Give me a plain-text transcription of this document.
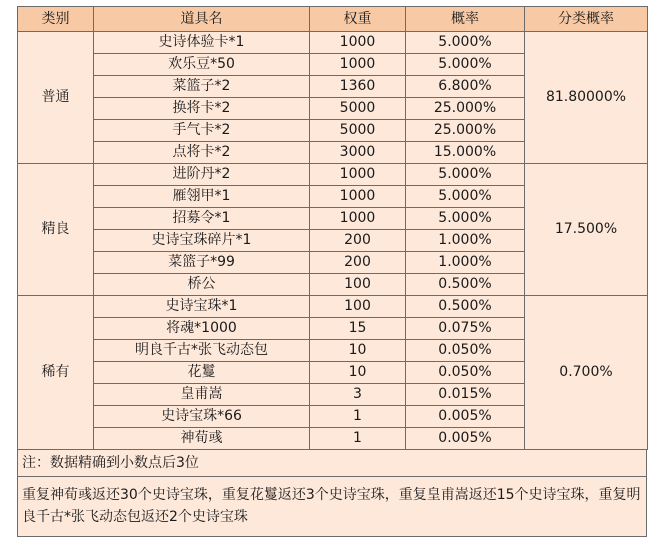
类别	道具名	权重	概率	分类概率
普通	史诗体验卡*1	1000	5.000%	81.80000%
	欢乐豆*50	1000	5.000%	
	菜篮子*2	1360	6.800%	
	换将卡*2	5000	25.000%	
	手气卡*2	5000	25.000%	
	点将卡*2	3000	15.000%	
精良	进阶丹*2	1000	5.000%	17.500%
	雁翎甲*1	1000	5.000%	
	招募令*1	1000	5.000%	
	史诗宝珠碎片*1	200	1.000%	
	菜篮子*99	200	1.000%	
	桥公	100	0.500%	
稀有	史诗宝珠*1	100	0.500%	0.700%
	将魂*1000	15	0.075%	
	明良千古*张飞动态包	10	0.050%	
	花鬘	10	0.050%	
	皇甫嵩	3	0.015%	
	史诗宝珠*66	1	0.005%	
	神荀彧	1	0.005%	
注：数据精确到小数点后3位
重复神荀彧返还30个史诗宝珠，重复花鬘返还3个史诗宝珠，重复皇甫嵩返还15个史诗宝珠，重复明良千古*张飞动态包返还2个史诗宝珠
